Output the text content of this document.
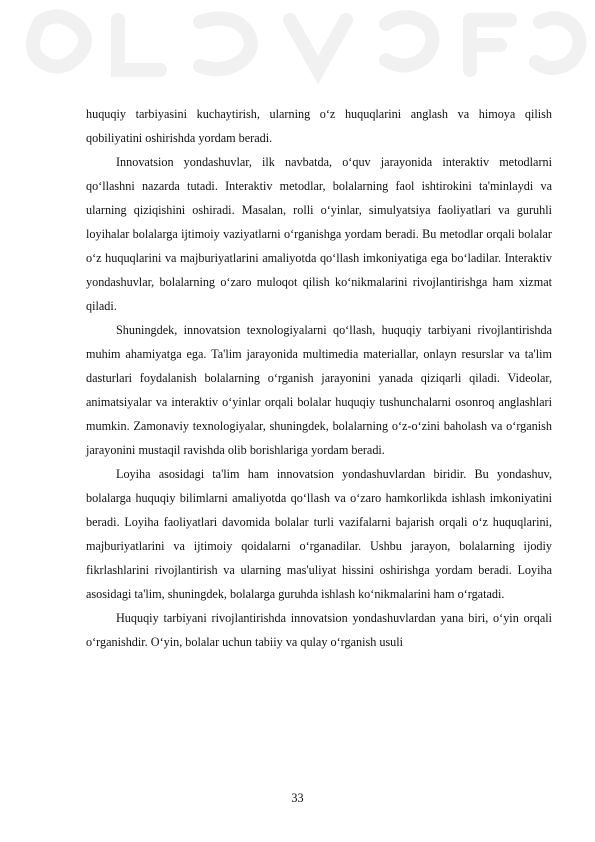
huquqiy tarbiyasini kuchaytirish, ularning o‘z huquqlarini anglash va himoya qilish qobiliyatini oshirishda yordam beradi.

Innovatsion yondashuvlar, ilk navbatda, o‘quv jarayonida interaktiv metodlarni qo‘llashni nazarda tutadi. Interaktiv metodlar, bolalarning faol ishtirokini ta'minlaydi va ularning qiziqishini oshiradi. Masalan, rolli o‘yinlar, simulyatsiya faoliyatlari va guruhli loyihalar bolalarga ijtimoiy vaziyatlarni o‘rganishga yordam beradi. Bu metodlar orqali bolalar o‘z huquqlarini va majburiyatlarini amaliyotda qo‘llash imkoniyatiga ega bo‘ladilar. Interaktiv yondashuvlar, bolalarning o‘zaro muloqot qilish ko‘nikmalarini rivojlantirishga ham xizmat qiladi.

Shuningdek, innovatsion texnologiyalarni qo‘llash, huquqiy tarbiyani rivojlantirishda muhim ahamiyatga ega. Ta'lim jarayonida multimedia materiallar, onlayn resurslar va ta'lim dasturlari foydalanish bolalarning o‘rganish jarayonini yanada qiziqarli qiladi. Videolar, animatsiyalar va interaktiv o‘yinlar orqali bolalar huquqiy tushunchalarni osonroq anglashlari mumkin. Zamonaviy texnologiyalar, shuningdek, bolalarning o‘z-o‘zini baholash va o‘rganish jarayonini mustaqil ravishda olib borishlariga yordam beradi.

Loyiha asosidagi ta'lim ham innovatsion yondashuvlardan biridir. Bu yondashuv, bolalarga huquqiy bilimlarni amaliyotda qo‘llash va o‘zaro hamkorlikda ishlash imkoniyatini beradi. Loyiha faoliyatlari davomida bolalar turli vazifalarni bajarish orqali o‘z huquqlarini, majburiyatlarini va ijtimoiy qoidalarni o‘rganadilar. Ushbu jarayon, bolalarning ijodiy fikrlashlarini rivojlantirish va ularning mas'uliyat hissini oshirishga yordam beradi. Loyiha asosidagi ta'lim, shuningdek, bolalarga guruhda ishlash ko‘nikmalarini ham o‘rgatadi.

Huquqiy tarbiyani rivojlantirishda innovatsion yondashuvlardan yana biri, o‘yin orqali o‘rganishdir. O‘yin, bolalar uchun tabiiy va qulay o‘rganish usuli

33
